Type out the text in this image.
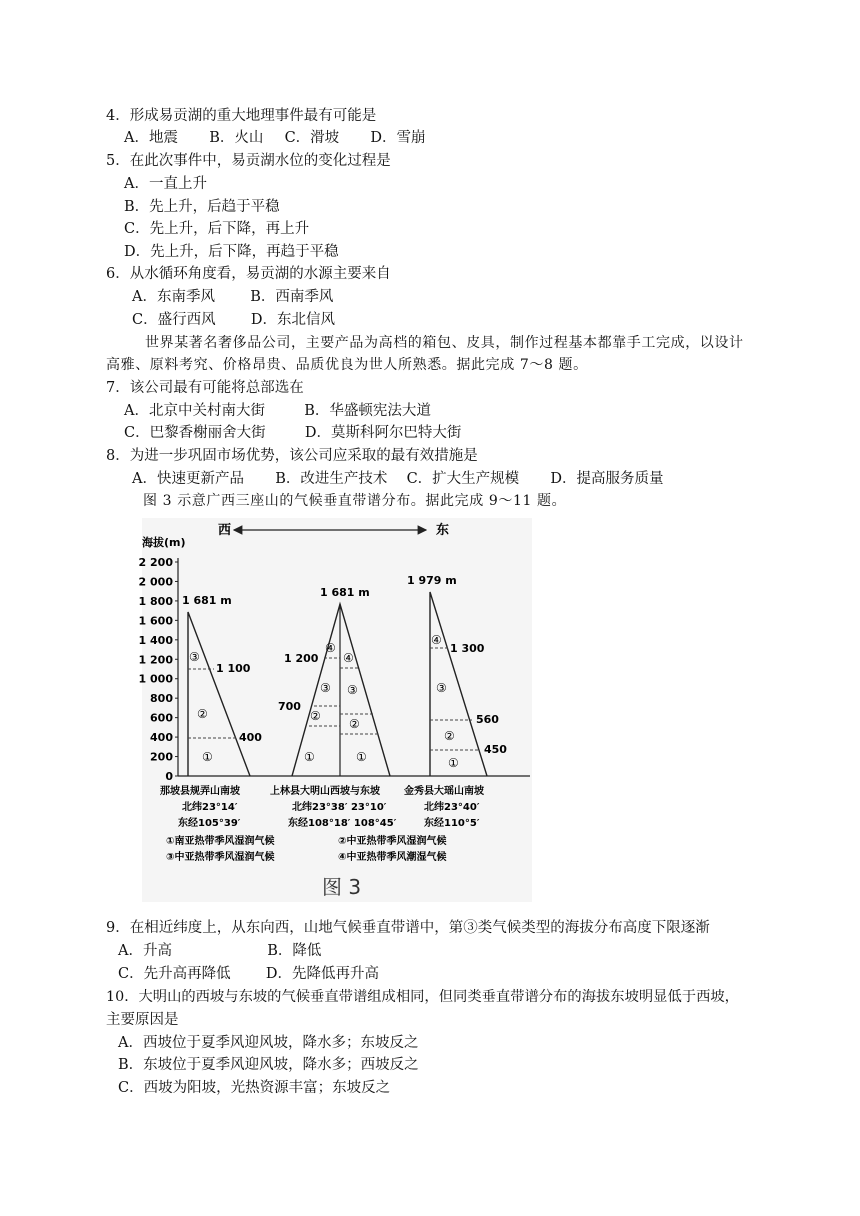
4．形成易贡湖的重大地理事件最有可能是
A．地震 B．火山 C．滑坡 D．雪崩
5．在此次事件中，易贡湖水位的变化过程是
A．一直上升
B．先上升，后趋于平稳
C．先上升，后下降，再上升
D．先上升，后下降，再趋于平稳
6．从水循环角度看，易贡湖的水源主要来自
A．东南季风 B．西南季风
C．盛行西风 D．东北信风
世界某著名奢侈品公司，主要产品为高档的箱包、皮具，制作过程基本都靠手工完成，以设计
高雅、原料考究、价格昂贵、品质优良为世人所熟悉。据此完成 7～8 题。
7．该公司最有可能将总部选在
A．北京中关村南大街	B．华盛顿宪法大道
C．巴黎香榭丽舍大街	D．莫斯科阿尔巴特大街
8．为进一步巩固市场优势，该公司应采取的最有效措施是
A．快速更新产品 B．改进生产技术 C．扩大生产规模 D．提高服务质量
图 3 示意广西三座山的气候垂直带谱分布。据此完成 9～11 题。
西	东
海拔(m)
0
200
400
600
800
1 000
1 200
1 400
1 600
1 800
2 000
2 200
1 681 m
1 100
400
③
②
①
那坡县规弄山南坡
北纬23°14′
东经105°39′
1 681 m
1 200
700
④
③
②
①
④
③
②
①
上林县大明山西坡与东坡
北纬23°38′ 23°10′
东经108°18′ 108°45′
1 979 m
1 300
560
450
④
③
②
①
金秀县大瑶山南坡
北纬23°40′
东经110°5′
①南亚热带季风湿润气候	②中亚热带季风湿润气候
③中亚热带季风湿润气候	④中亚热带季风潮湿气候
图 3
9．在相近纬度上，从东向西，山地气候垂直带谱中，第③类气候类型的海拔分布高度下限逐渐
A．升高	B．降低
C．先升高再降低 D．先降低再升高
10．大明山的西坡与东坡的气候垂直带谱组成相同，但同类垂直带谱分布的海拔东坡明显低于西坡，
主要原因是
A．西坡位于夏季风迎风坡，降水多；东坡反之
B．东坡位于夏季风迎风坡，降水多；西坡反之
C．西坡为阳坡，光热资源丰富；东坡反之
